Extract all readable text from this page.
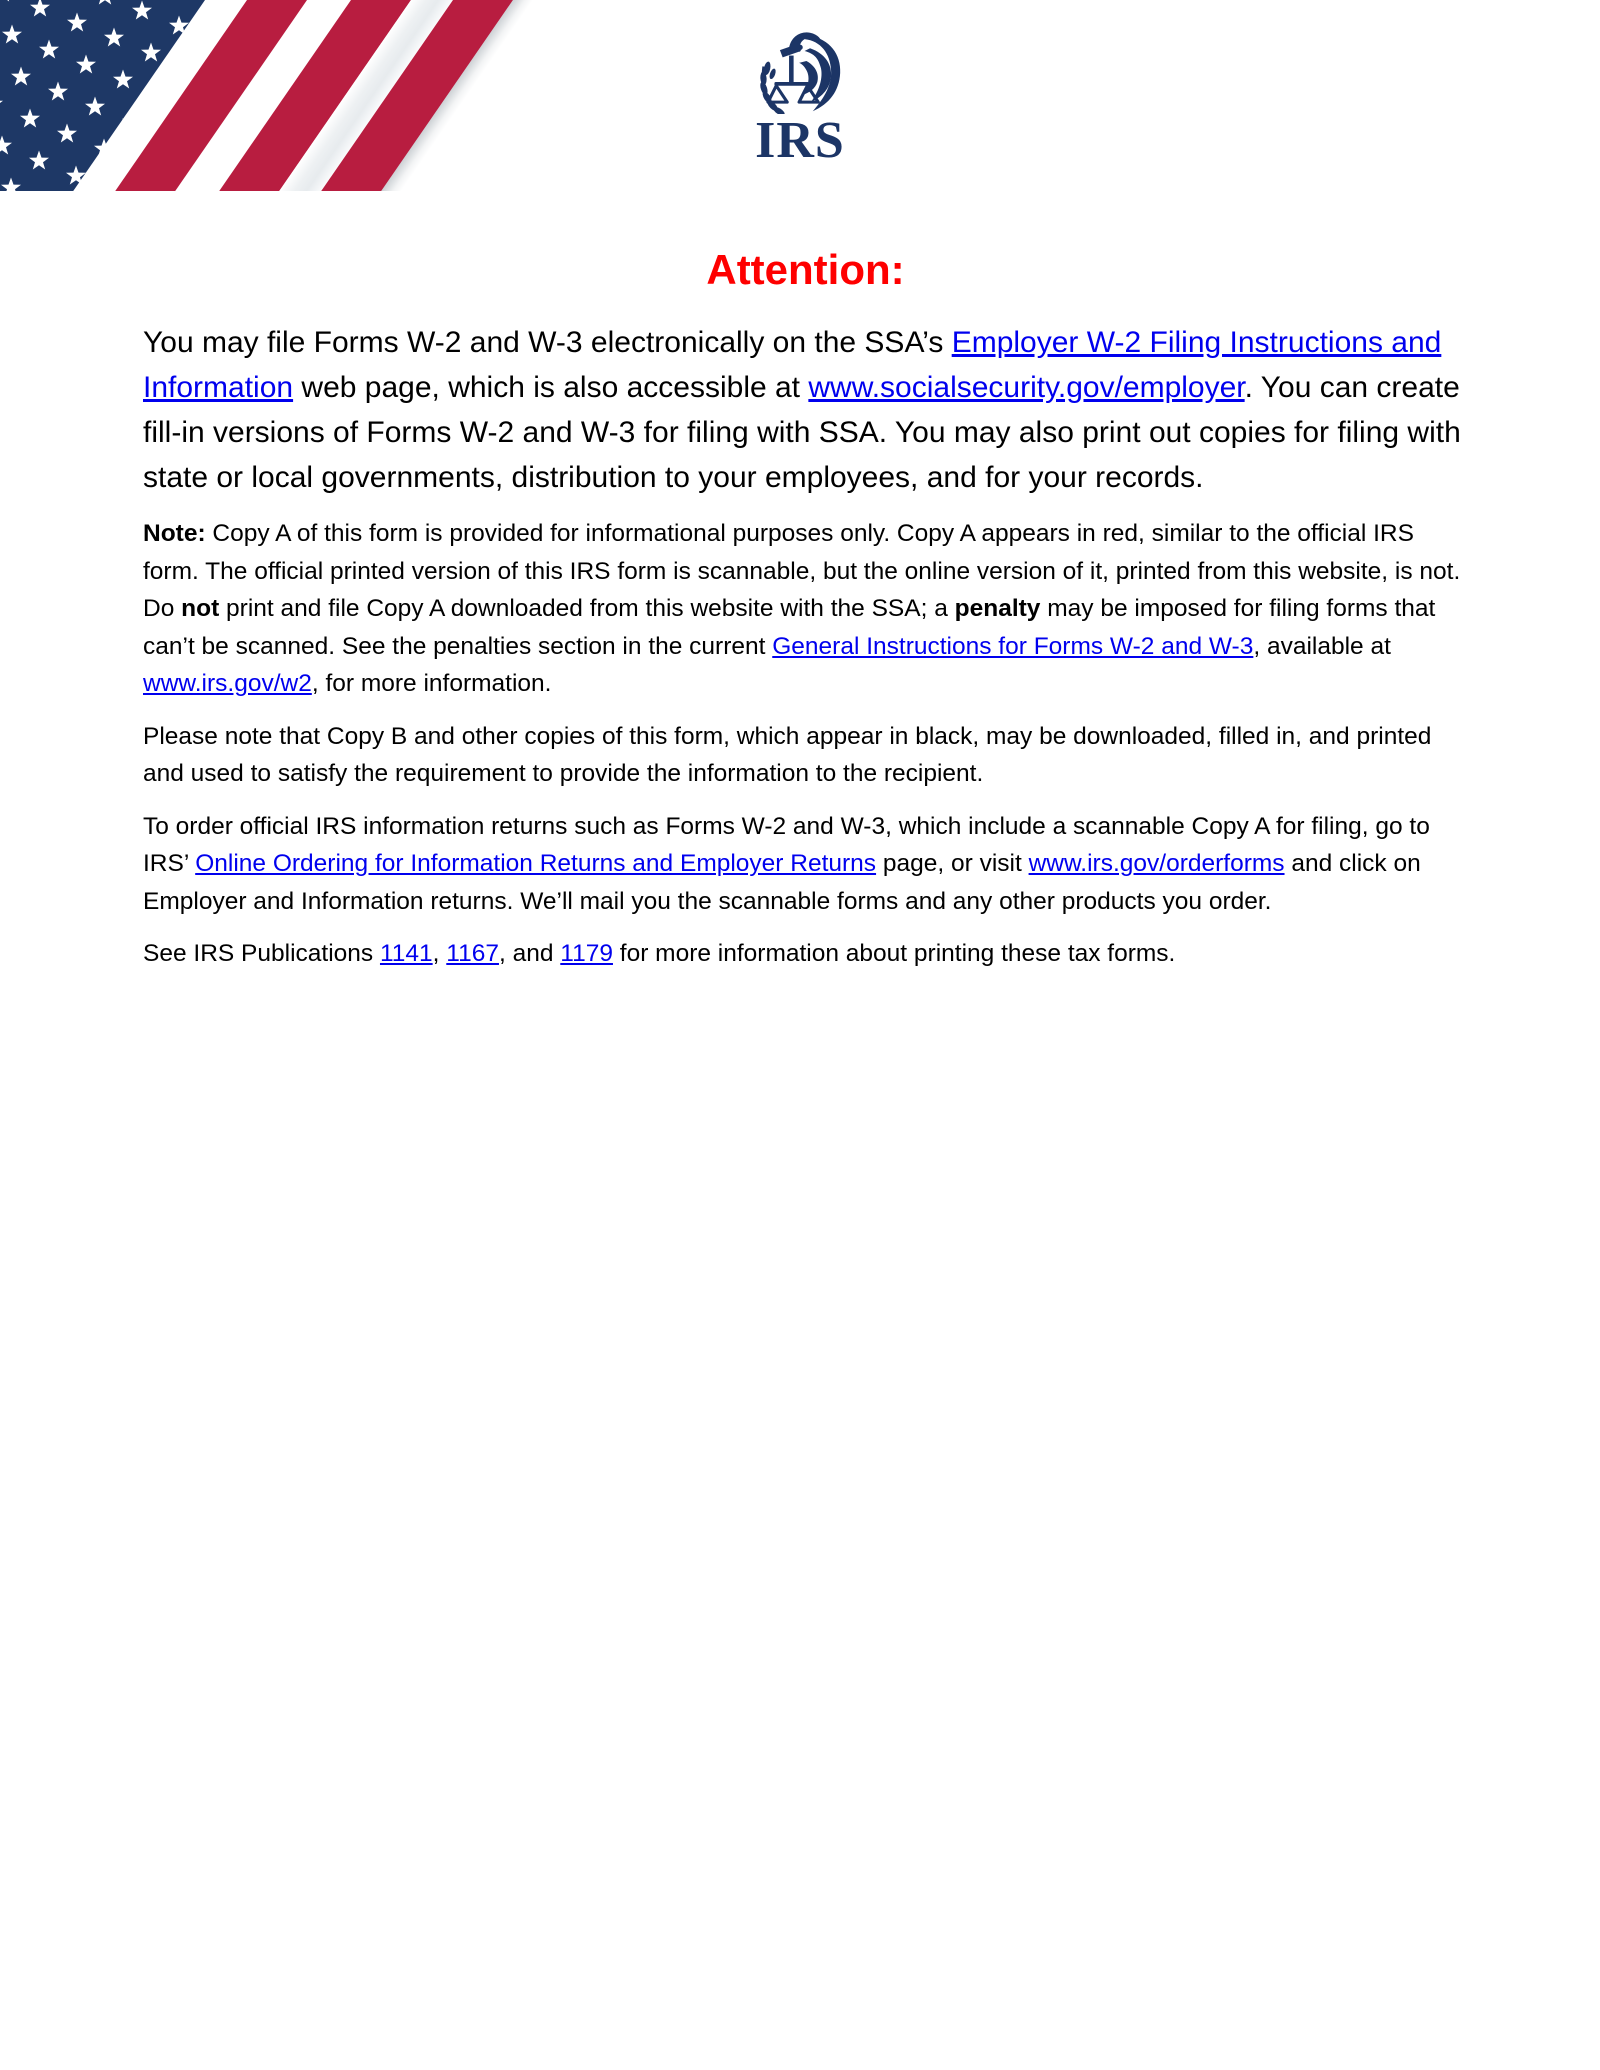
IRS
Attention:
You may file Forms W-2 and W-3 electronically on the SSA’s Employer W-2 Filing Instructions and Information web page, which is also accessible at www.socialsecurity.gov/employer. You can create fill-in versions of Forms W-2 and W-3 for filing with SSA. You may also print out copies for filing with state or local governments, distribution to your employees, and for your records.
Note: Copy A of this form is provided for informational purposes only. Copy A appears in red, similar to the official IRS form. The official printed version of this IRS form is scannable, but the online version of it, printed from this website, is not. Do not print and file Copy A downloaded from this website with the SSA; a penalty may be imposed for filing forms that can’t be scanned. See the penalties section in the current General Instructions for Forms W-2 and W-3, available at www.irs.gov/w2, for more information.
Please note that Copy B and other copies of this form, which appear in black, may be downloaded, filled in, and printed and used to satisfy the requirement to provide the information to the recipient.
To order official IRS information returns such as Forms W-2 and W-3, which include a scannable Copy A for filing, go to IRS’ Online Ordering for Information Returns and Employer Returns page, or visit www.irs.gov/orderforms and click on Employer and Information returns. We’ll mail you the scannable forms and any other products you order.
See IRS Publications 1141, 1167, and 1179 for more information about printing these tax forms.
